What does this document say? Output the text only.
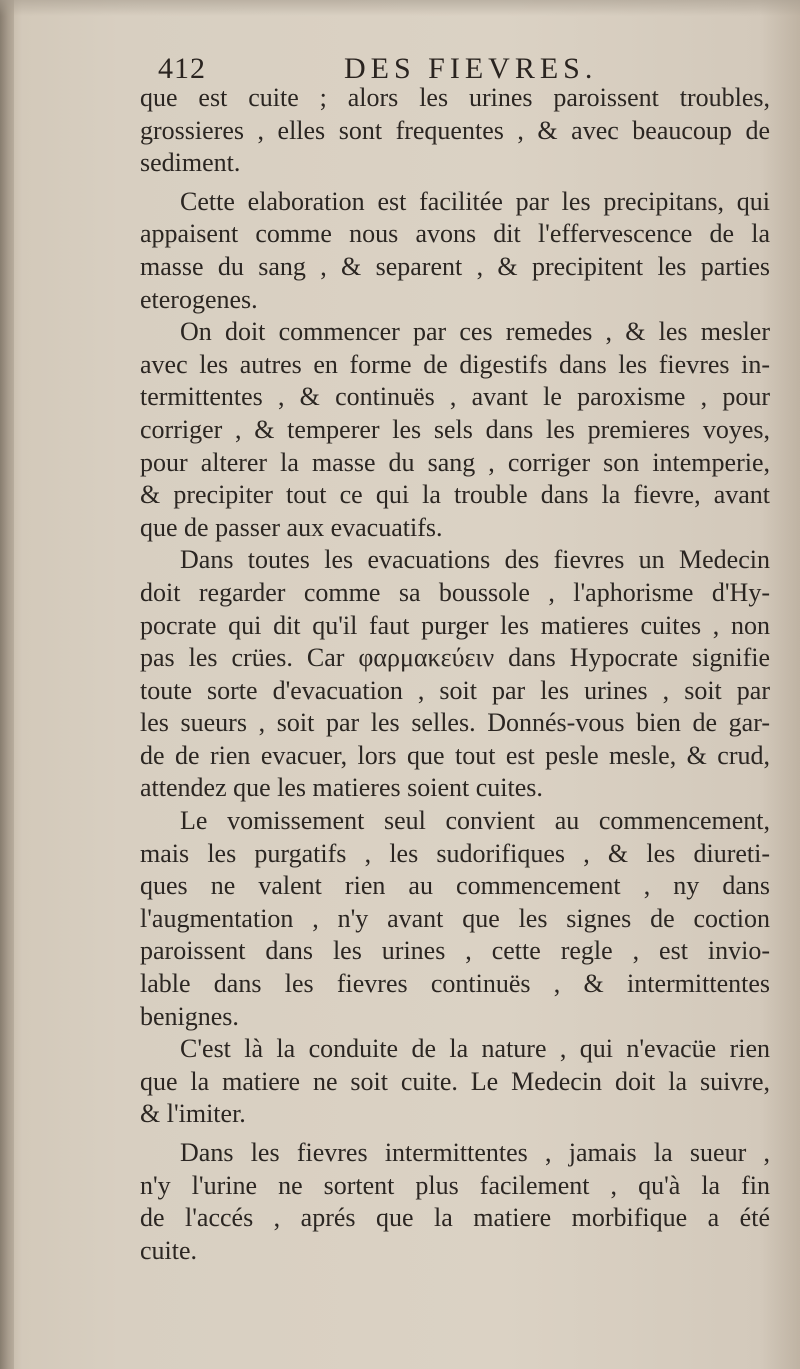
412	DES FIEVRES.
que est cuite ; alors les urines paroissent troubles,
grossieres , elles sont frequentes , & avec beaucoup de
sediment.
Cette elaboration est facilitée par les precipitans, qui
appaisent comme nous avons dit l'effervescence de la
masse du sang , & separent , & precipitent les parties
eterogenes.
On doit commencer par ces remedes , & les mesler
avec les autres en forme de digestifs dans les fievres in-
termittentes , & continuës , avant le paroxisme , pour
corriger , & temperer les sels dans les premieres voyes,
pour alterer la masse du sang , corriger son intemperie,
& precipiter tout ce qui la trouble dans la fievre, avant
que de passer aux evacuatifs.
Dans toutes les evacuations des fievres un Medecin
doit regarder comme sa boussole , l'aphorisme d'Hy-
pocrate qui dit qu'il faut purger les matieres cuites , non
pas les crües. Car φαρμακεύειν dans Hypocrate signifie
toute sorte d'evacuation , soit par les urines , soit par
les sueurs , soit par les selles. Donnés-vous bien de gar-
de de rien evacuer, lors que tout est pesle mesle, & crud,
attendez que les matieres soient cuites.
Le vomissement seul convient au commencement,
mais les purgatifs , les sudorifiques , & les diureti-
ques ne valent rien au commencement , ny dans
l'augmentation , n'y avant que les signes de coction
paroissent dans les urines , cette regle , est invio-
lable dans les fievres continuës , & intermittentes
benignes.
C'est là la conduite de la nature , qui n'evacüe rien
que la matiere ne soit cuite. Le Medecin doit la suivre,
& l'imiter.
Dans les fievres intermittentes , jamais la sueur ,
n'y l'urine ne sortent plus facilement , qu'à la fin
de l'accés , aprés que la matiere morbifique a été
cuite.
